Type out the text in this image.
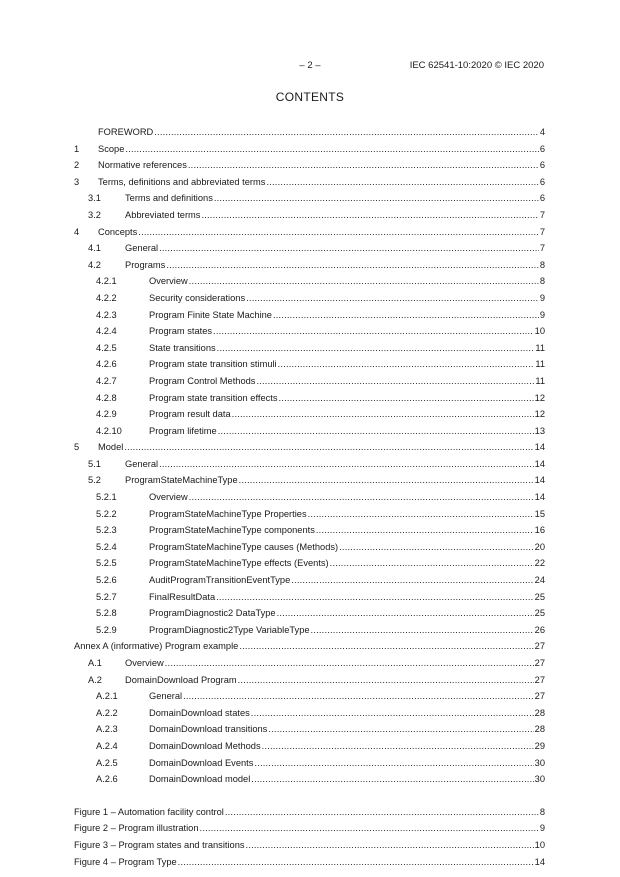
– 2 –	IEC 62541-10:2020 © IEC 2020
CONTENTS
FOREWORD .....	4
1	Scope .....	6
2	Normative references .....	6
3	Terms, definitions and abbreviated terms .....	6
3.1	Terms and definitions .....	6
3.2	Abbreviated terms .....	7
4	Concepts .....	7
4.1	General .....	7
4.2	Programs .....	8
4.2.1	Overview .....	8
4.2.2	Security considerations .....	9
4.2.3	Program Finite State Machine .....	9
4.2.4	Program states .....	10
4.2.5	State transitions .....	11
4.2.6	Program state transition stimuli .....	11
4.2.7	Program Control Methods .....	11
4.2.8	Program state transition effects .....	12
4.2.9	Program result data .....	12
4.2.10	Program lifetime .....	13
5	Model .....	14
5.1	General .....	14
5.2	ProgramStateMachineType .....	14
5.2.1	Overview .....	14
5.2.2	ProgramStateMachineType Properties .....	15
5.2.3	ProgramStateMachineType components .....	16
5.2.4	ProgramStateMachineType causes (Methods) .....	20
5.2.5	ProgramStateMachineType effects (Events) .....	22
5.2.6	AuditProgramTransitionEventType .....	24
5.2.7	FinalResultData .....	25
5.2.8	ProgramDiagnostic2 DataType .....	25
5.2.9	ProgramDiagnostic2Type VariableType .....	26
Annex A (informative) Program example .....	27
A.1	Overview .....	27
A.2	DomainDownload Program .....	27
A.2.1	General .....	27
A.2.2	DomainDownload states .....	28
A.2.3	DomainDownload transitions .....	28
A.2.4	DomainDownload Methods .....	29
A.2.5	DomainDownload Events .....	30
A.2.6	DomainDownload model .....	30
Figure 1 – Automation facility control .....	8
Figure 2 – Program illustration .....	9
Figure 3 – Program states and transitions .....	10
Figure 4 – Program Type .....	14
